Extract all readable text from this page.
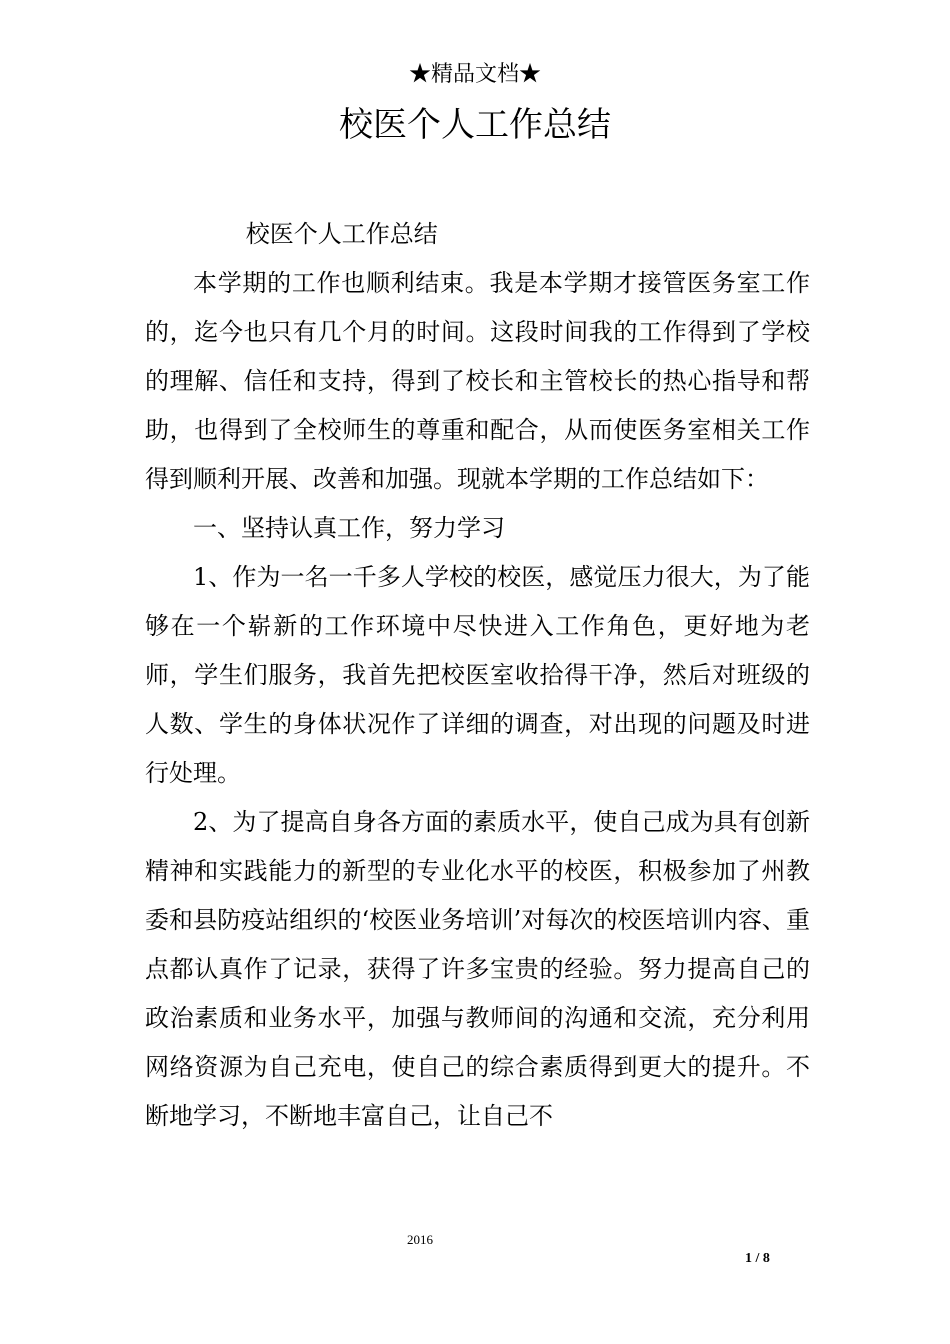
★精品文档★
校医个人工作总结

校医个人工作总结

本学期的工作也顺利结束。我是本学期才接管医务室工作的，迄今也只有几个月的时间。这段时间我的工作得到了学校的理解、信任和支持，得到了校长和主管校长的热心指导和帮助，也得到了全校师生的尊重和配合，从而使医务室相关工作得到顺利开展、改善和加强。现就本学期的工作总结如下：

一、坚持认真工作，努力学习

1、作为一名一千多人学校的校医，感觉压力很大，为了能够在一个崭新的工作环境中尽快进入工作角色，更好地为老师，学生们服务，我首先把校医室收拾得干净，然后对班级的人数、学生的身体状况作了详细的调查，对出现的问题及时进行处理。

2、为了提高自身各方面的素质水平，使自己成为具有创新精神和实践能力的新型的专业化水平的校医，积极参加了州教委和县防疫站组织的‘校医业务培训’对每次的校医培训内容、重点都认真作了记录，获得了许多宝贵的经验。努力提高自己的政治素质和业务水平，加强与教师间的沟通和交流，充分利用网络资源为自己充电，使自己的综合素质得到更大的提升。不断地学习，不断地丰富自己，让自己不

2016
1 / 8
